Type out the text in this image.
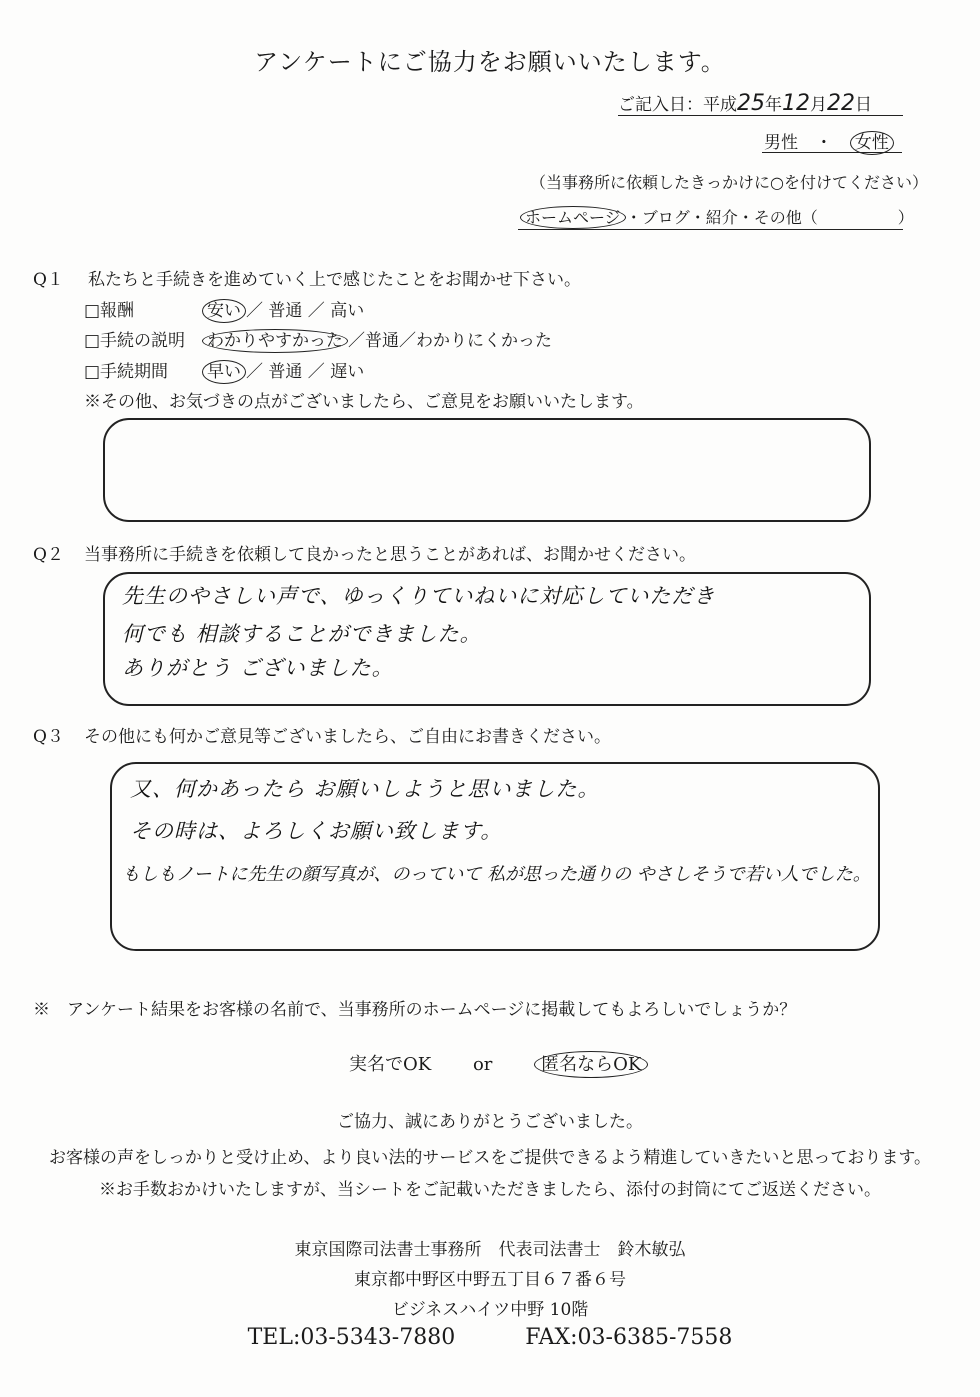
アンケートにご協力をお願いいたします。
ご記入日：平成25年12月22日
男性 ・ 女性
（当事務所に依頼したきっかけに○を付けてください）
ホームページ ・ブログ・紹介・その他（　　　　　）
Q１ 私たちと手続きを進めていく上で感じたことをお聞かせ下さい。
□報酬	安い ／ 普通 ／ 高い
□手続の説明 わかりやすかった ／普通／わかりにくかった
□手続期間 早い ／ 普通 ／ 遅い
※その他、お気づきの点がございましたら、ご意見をお願いいたします。
Q２ 当事務所に手続きを依頼して良かったと思うことがあれば、お聞かせください。
先生のやさしい声で、ゆっくりていねいに対応していただき
何でも 相談することができました。
ありがとう ございました。
Q３ その他にも何かご意見等ございましたら、ご自由にお書きください。
又、何かあったら お願いしようと思いました。
その時は、よろしくお願い致します。
もしもノートに先生の顔写真が、のっていて 私が思った通りの やさしそうで若い人でした。
※　アンケート結果をお客様の名前で、当事務所のホームページに掲載してもよろしいでしょうか？
実名でOK or	匿名ならOK
ご協力、誠にありがとうございました。
お客様の声をしっかりと受け止め、より良い法的サービスをご提供できるよう精進していきたいと思っております。
※お手数おかけいたしますが、当シートをご記載いただきましたら、添付の封筒にてご返送ください。
東京国際司法書士事務所　代表司法書士　鈴木敏弘
東京都中野区中野五丁目６７番６号
ビジネスハイツ中野 10階
TEL:03-5343-7880	FAX:03-6385-7558
